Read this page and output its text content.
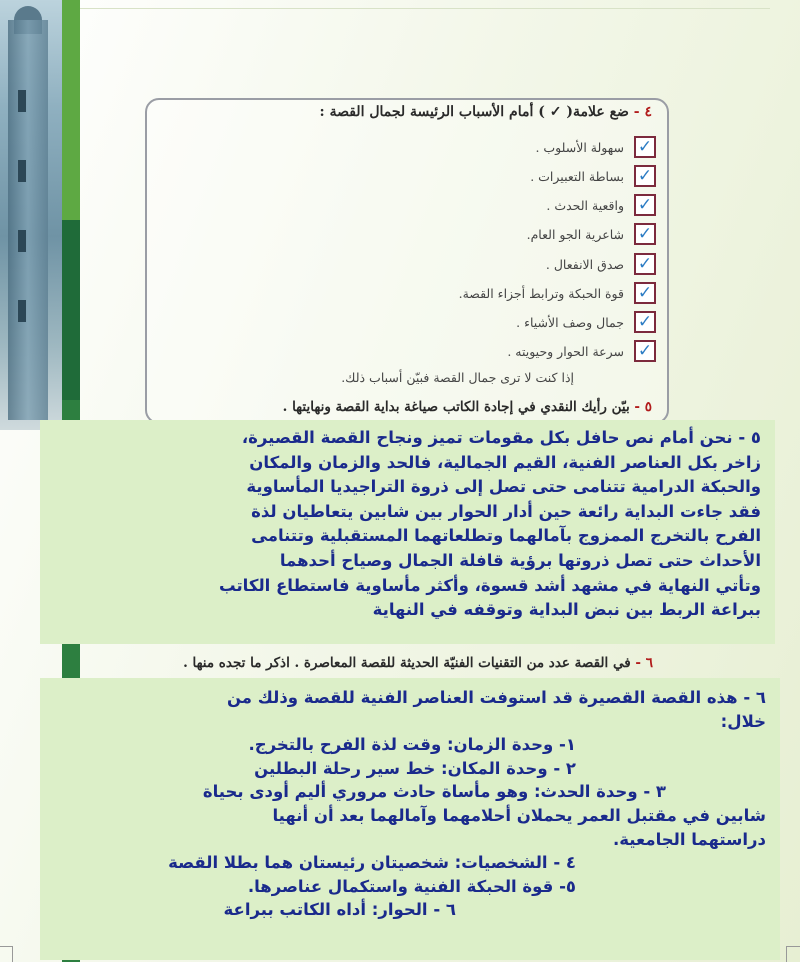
٤ - ضع علامة( ✓ ) أمام الأسباب الرئيسة لجمال القصة :
✓
سهولة الأسلوب .
✓
بساطة التعبيرات .
✓
واقعية الحدث .
✓
شاعرية الجو العام.
✓
صدق الانفعال .
✓
قوة الحبكة وترابط أجزاء القصة.
✓
جمال وصف الأشياء .
✓
سرعة الحوار وحيويته .
إذا كنت لا ترى جمال القصة فبيّن أسباب ذلك.
٥ - بيّن رأيك النقدي في إجادة الكاتب صياغة بداية القصة ونهايتها .

٥ - نحن أمام نص حافل بكل مقومات تميز ونجاح القصة القصيرة،

زاخر بكل العناصر الفنية، القيم الجمالية، فالحد والزمان والمكان

والحبكة الدرامية تتنامى حتى تصل إلى ذروة التراجيديا المأساوية

فقد جاءت البداية رائعة حين أدار الحوار بين شابين يتعاطيان لذة

الفرح بالتخرج الممزوج بآمالهما وتطلعاتهما المستقبلية وتتنامى

الأحداث حتى تصل ذروتها برؤية قافلة الجمال وصياح أحدهما

وتأتي النهاية في مشهد أشد قسوة، وأكثر مأساوية فاستطاع الكاتب

ببراعة الربط بين نبض البداية وتوقفه في النهاية

٦ - في القصة عدد من التقنيات الفنيّة الحديثة للقصة المعاصرة . اذكر ما تجده منها .

٦ - هذه القصة القصيرة قد استوفت العناصر الفنية للقصة وذلك من

خلال:

١- وحدة الزمان: وقت لذة الفرح بالتخرج.

٢ - وحدة المكان: خط سير رحلة البطلين

٣ - وحدة الحدث: وهو مأساة حادث مروري أليم أودى بحياة

شابين في مقتبل العمر يحملان أحلامهما وآمالهما بعد أن أنهيا

دراستهما الجامعية.

٤ - الشخصيات: شخصيتان رئيستان هما بطلا القصة

٥- قوة الحبكة الفنية واستكمال عناصرها.

٦ - الحوار: أداه الكاتب ببراعة
